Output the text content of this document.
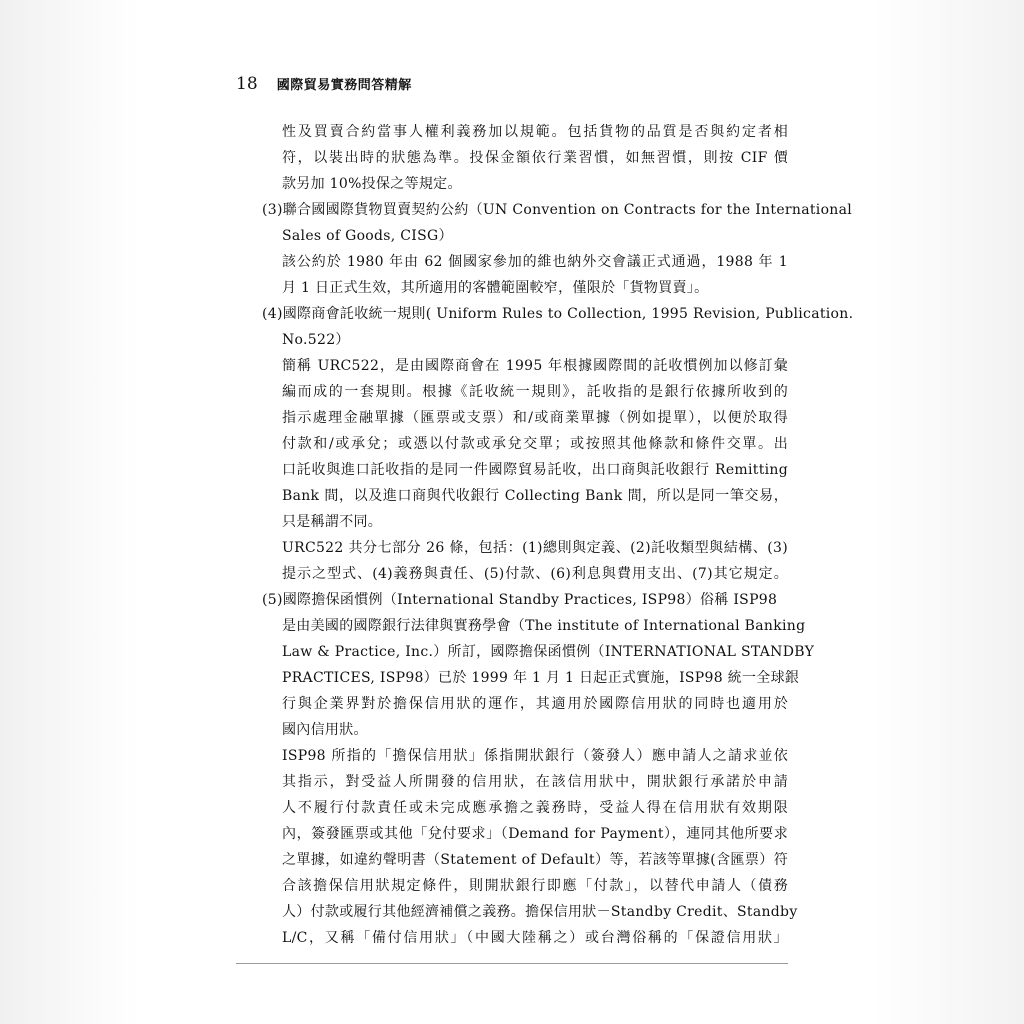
18 國際貿易實務問答精解
性及買賣合約當事人權利義務加以規範。包括貨物的品質是否與約定者相
符，以裝出時的狀態為準。投保金額依行業習慣，如無習慣，則按 CIF 價
款另加 10%投保之等規定。
(3)聯合國國際貨物買賣契約公約（UN Convention on Contracts for the International
Sales of Goods, CISG）
該公約於 1980 年由 62 個國家參加的維也納外交會議正式通過，1988 年 1
月 1 日正式生效，其所適用的客體範圍較窄，僅限於「貨物買賣」。
(4)國際商會託收統一規則( Uniform Rules to Collection, 1995 Revision, Publication.
No.522）
簡稱 URC522，是由國際商會在 1995 年根據國際間的託收慣例加以修訂彙
編而成的一套規則。根據《託收統一規則》，託收指的是銀行依據所收到的
指示處理金融單據（匯票或支票）和/或商業單據（例如提單），以便於取得
付款和/或承兌；或憑以付款或承兌交單；或按照其他條款和條件交單。出
口託收與進口託收指的是同一件國際貿易託收，出口商與託收銀行 Remitting
Bank 間，以及進口商與代收銀行 Collecting Bank 間，所以是同一筆交易，
只是稱謂不同。
URC522 共分七部分 26 條，包括：(1)總則與定義、(2)託收類型與結構、(3)
提示之型式、(4)義務與責任、(5)付款、(6)利息與費用支出、(7)其它規定。
(5)國際擔保函慣例（International Standby Practices, ISP98）俗稱 ISP98
是由美國的國際銀行法律與實務學會（The institute of International Banking
Law & Practice, Inc.）所訂，國際擔保函慣例（INTERNATIONAL STANDBY
PRACTICES, ISP98）已於 1999 年 1 月 1 日起正式實施，ISP98 統一全球銀
行與企業界對於擔保信用狀的運作，其適用於國際信用狀的同時也適用於
國內信用狀。
ISP98 所指的「擔保信用狀」係指開狀銀行（簽發人）應申請人之請求並依
其指示，對受益人所開發的信用狀，在該信用狀中，開狀銀行承諾於申請
人不履行付款責任或未完成應承擔之義務時，受益人得在信用狀有效期限
內，簽發匯票或其他「兌付要求」（Demand for Payment），連同其他所要求
之單據，如違約聲明書（Statement of Default）等，若該等單據(含匯票）符
合該擔保信用狀規定條件，則開狀銀行即應「付款」，以替代申請人（債務
人）付款或履行其他經濟補償之義務。擔保信用狀－Standby Credit、Standby
L/C，又稱「備付信用狀」（中國大陸稱之）或台灣俗稱的「保證信用狀」
